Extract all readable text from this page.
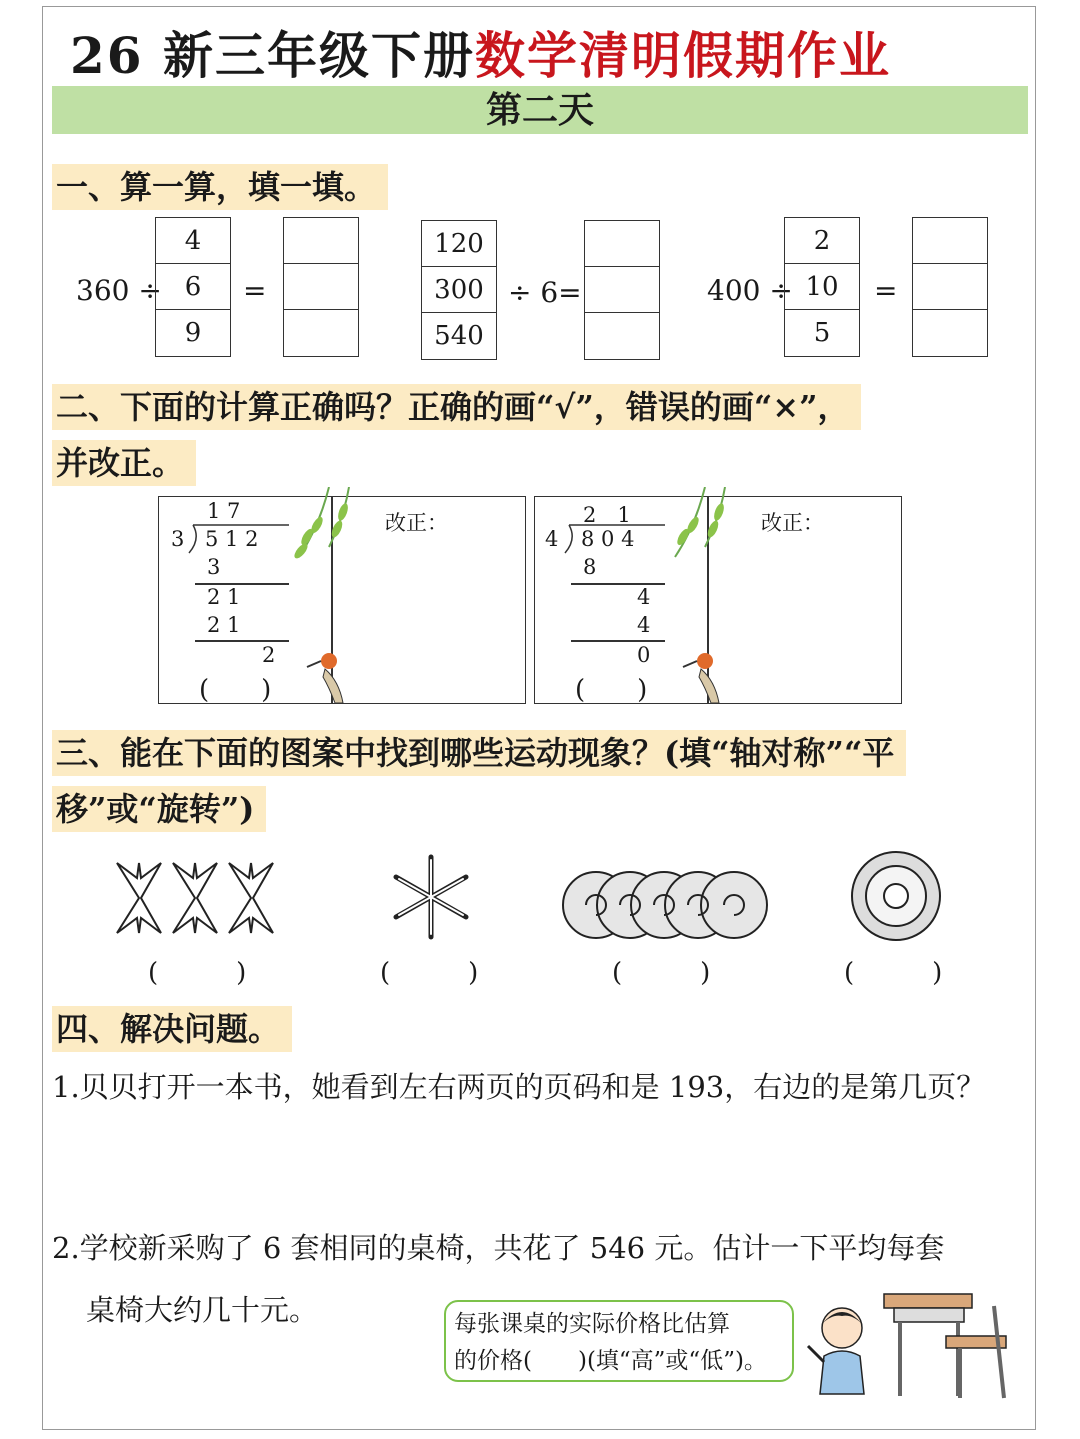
26 新三年级下册数学清明假期作业
第二天
一、算一算，填一填。
360 ÷
4
6
9
=
120
300
540
÷ 6=	400 ÷
2
10
5
=
二、下面的计算正确吗？正确的画“√”，错误的画“×”，
并改正。
1 7
3 5 1 2
3
2 1
2 1
2
(　　)
改正：	2　1
4 8 0 4
8
4
4
0
(　　)
改正：
三、能在下面的图案中找到哪些运动现象？(填“轴对称”“平
移”或“旋转”)
(　　　)	(　　　)	(　　　)	(　　　)
四、解决问题。
1.贝贝打开一本书，她看到左右两页的页码和是 193，右边的是第几页？
2.学校新采购了 6 套相同的桌椅，共花了 546 元。估计一下平均每套
桌椅大约几十元。	每张课桌的实际价格比估算
的价格(　　)(填“高”或“低”)。
